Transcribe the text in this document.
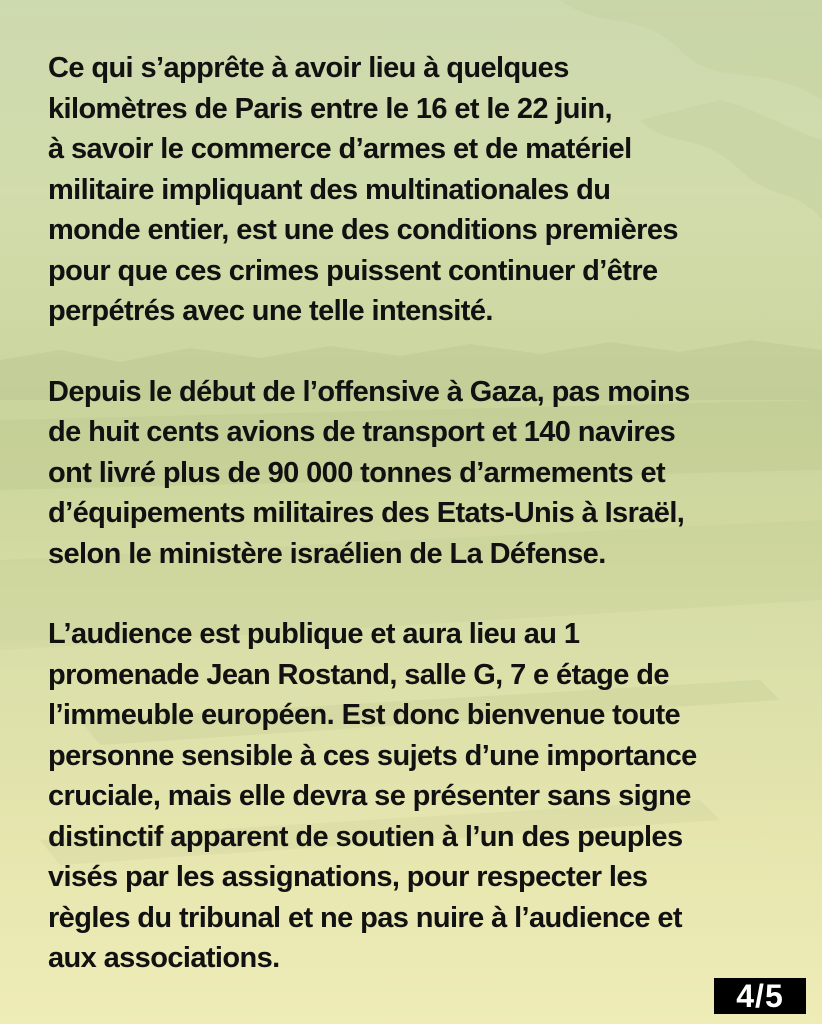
Ce qui s’apprête à avoir lieu à quelques
kilomètres de Paris entre le 16 et le 22 juin,
à savoir le commerce d’armes et de matériel
militaire impliquant des multinationales du
monde entier, est une des conditions premières
pour que ces crimes puissent continuer d’être
perpétrés avec une telle intensité.

Depuis le début de l’offensive à Gaza, pas moins
de huit cents avions de transport et 140 navires
ont livré plus de 90 000 tonnes d’armements et
d’équipements militaires des Etats-Unis à Israël,
selon le ministère israélien de La Défense.

L’audience est publique et aura lieu au 1
promenade Jean Rostand, salle G, 7 e étage de
l’immeuble européen. Est donc bienvenue toute
personne sensible à ces sujets d’une importance
cruciale, mais elle devra se présenter sans signe
distinctif apparent de soutien à l’un des peuples
visés par les assignations, pour respecter les
règles du tribunal et ne pas nuire à l’audience et
aux associations.

4/5
